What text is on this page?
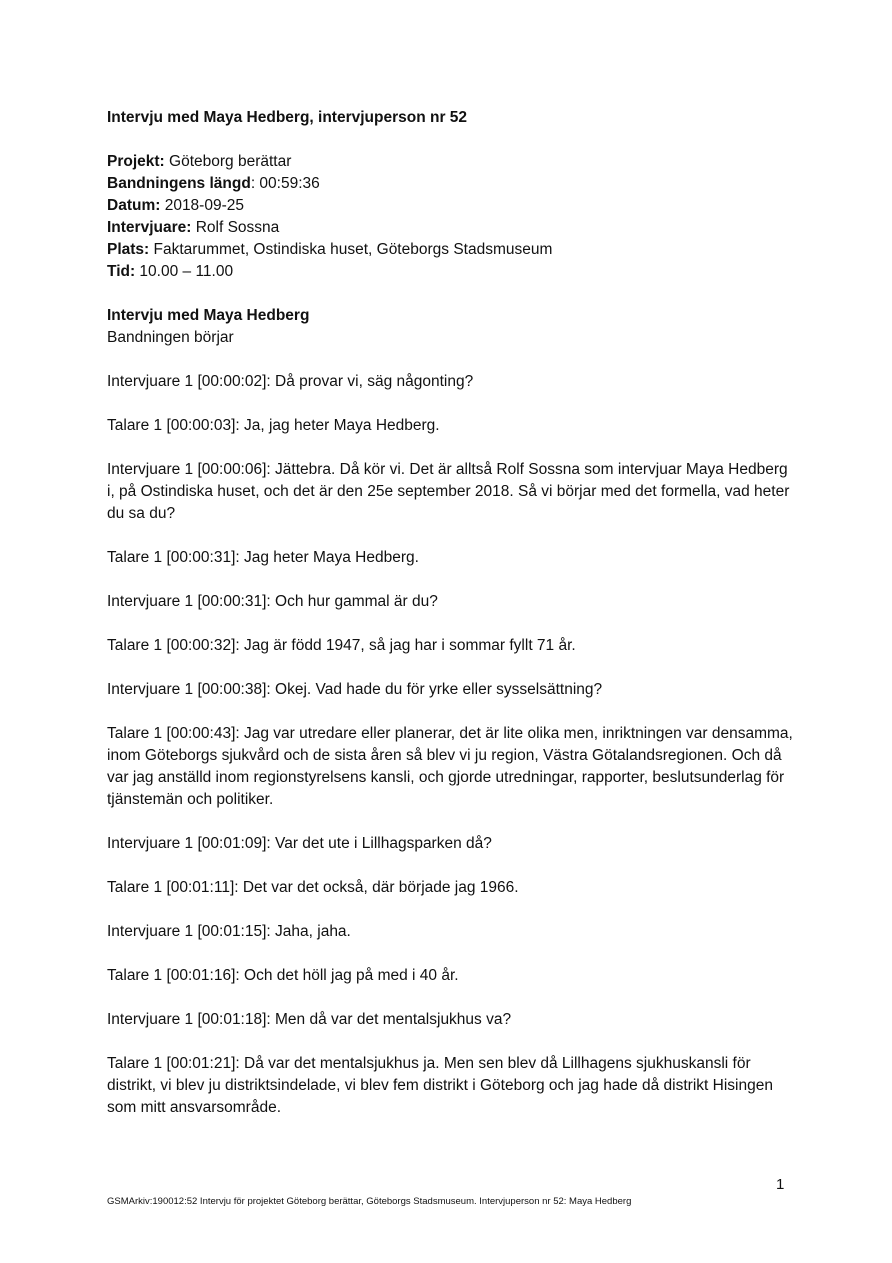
Intervju med Maya Hedberg, intervjuperson nr 52

Projekt: Göteborg berättar

Bandningens längd: 00:59:36

Datum: 2018-09-25

Intervjuare: Rolf Sossna

Plats: Faktarummet, Ostindiska huset, Göteborgs Stadsmuseum

Tid: 10.00 – 11.00

Intervju med Maya Hedberg

Bandningen börjar

Intervjuare 1 [00:00:02]: Då provar vi, säg någonting?

Talare 1 [00:00:03]: Ja, jag heter Maya Hedberg.

Intervjuare 1 [00:00:06]: Jättebra. Då kör vi. Det är alltså Rolf Sossna som intervjuar Maya Hedberg i, på Ostindiska huset, och det är den 25e september 2018. Så vi börjar med det formella, vad heter du sa du?

Talare 1 [00:00:31]: Jag heter Maya Hedberg.

Intervjuare 1 [00:00:31]: Och hur gammal är du?

Talare 1 [00:00:32]: Jag är född 1947, så jag har i sommar fyllt 71 år.

Intervjuare 1 [00:00:38]: Okej. Vad hade du för yrke eller sysselsättning?

Talare 1 [00:00:43]: Jag var utredare eller planerar, det är lite olika men, inriktningen var densamma, inom Göteborgs sjukvård och de sista åren så blev vi ju region, Västra Götalandsregionen. Och då var jag anställd inom regionstyrelsens kansli, och gjorde utredningar, rapporter, beslutsunderlag för tjänstemän och politiker.

Intervjuare 1 [00:01:09]: Var det ute i Lillhagsparken då?

Talare 1 [00:01:11]: Det var det också, där började jag 1966.

Intervjuare 1 [00:01:15]: Jaha, jaha.

Talare 1 [00:01:16]: Och det höll jag på med i 40 år.

Intervjuare 1 [00:01:18]: Men då var det mentalsjukhus va?

Talare 1 [00:01:21]: Då var det mentalsjukhus ja. Men sen blev då Lillhagens sjukhuskansli för distrikt, vi blev ju distriktsindelade, vi blev fem distrikt i Göteborg och jag hade då distrikt Hisingen som mitt ansvarsområde.

1
GSMArkiv:190012:52 Intervju för projektet Göteborg berättar, Göteborgs Stadsmuseum. Intervjuperson nr 52: Maya Hedberg
